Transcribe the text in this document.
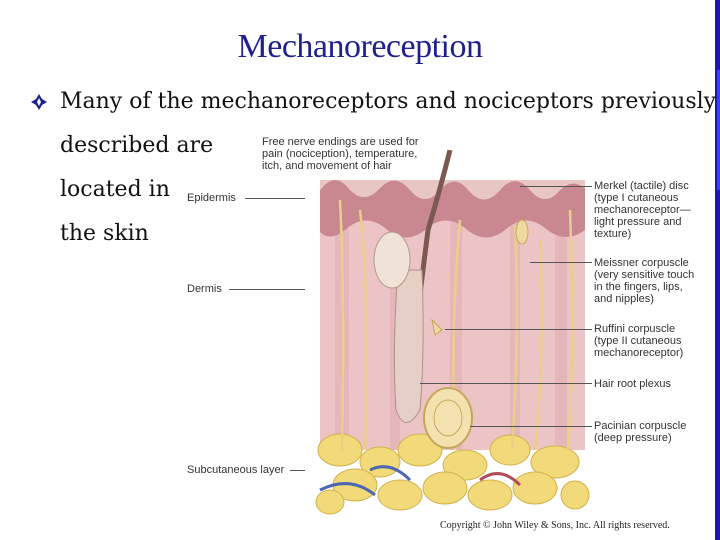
Mechanoreception
Many of the mechanoreceptors and nociceptors previously
described are
located in
the skin
Free nerve endings are used for
pain (nociception), temperature,
itch, and movement of hair
Epidermis
Dermis
Subcutaneous layer
Merkel (tactile) disc
(type I cutaneous
mechanoreceptor—
light pressure and
texture)
Meissner corpuscle
(very sensitive touch
in the fingers, lips,
and nipples)
Ruffini corpuscle
(type II cutaneous
mechanoreceptor)
Hair root plexus
Pacinian corpuscle
(deep pressure)
Copyright © John Wiley & Sons, Inc. All rights reserved.
